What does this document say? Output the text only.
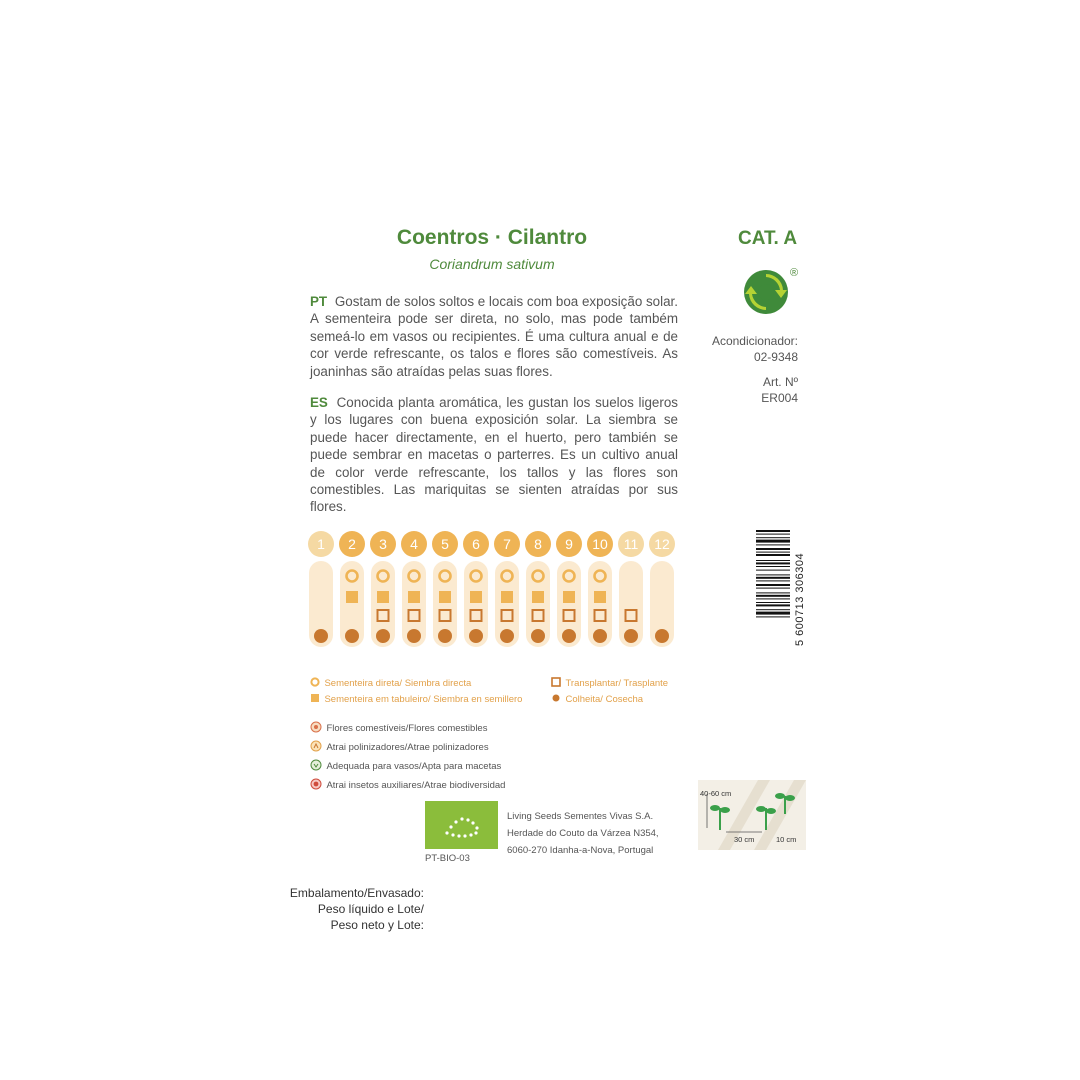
Coentros · Cilantro
Coriandrum sativum
CAT. A
®
Acondicionador:
02-9348
Art. Nº
ER004
PT Gostam de solos soltos e locais com boa exposição solar. A sementeira pode ser direta, no solo, mas pode também semeá-lo em vasos ou recipientes. É uma cultura anual e de cor verde refrescante, os talos e flores são comestíveis. As joaninhas são atraídas pelas suas flores.
ES Conocida planta aromática, les gustan los suelos ligeros y los lugares con buena exposición solar. La siembra se puede hacer directamente, en el huerto, pero también se puede sembrar en macetas o parterres. Es un cultivo anual de color verde refrescante, los tallos y las flores son comestibles. Las mariquitas se sienten atraídas por sus flores.
5 600713 306304
1 2 3 4 5 6 7 8 9 10 11 12
Sementeira direta/ Siembra directa
Sementeira em tabuleiro/ Siembra en semillero
Transplantar/ Trasplante
Colheita/ Cosecha
Flores comestíveis/Flores comestibles
Atrai polinizadores/Atrae polinizadores
Adequada para vasos/Apta para macetas
Atrai insetos auxiliares/Atrae biodiversidad
PT-BIO-03
Living Seeds Sementes Vivas S.A.
Herdade do Couto da Várzea N354,
6060-270 Idanha-a-Nova, Portugal
40-60 cm
30 cm	10 cm
Embalamento/Envasado:
Peso líquido e Lote/
Peso neto y Lote:
